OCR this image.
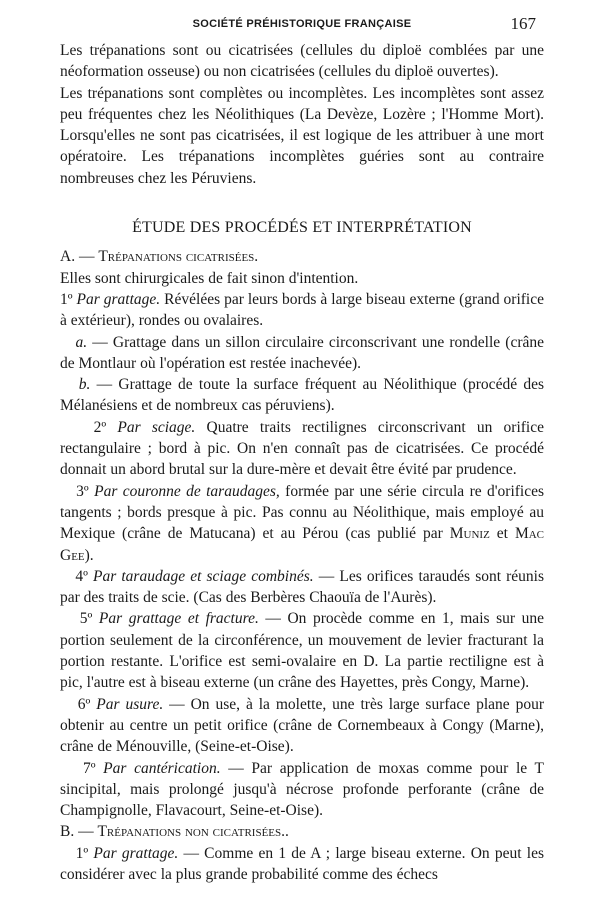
SOCIÉTÉ PRÉHISTORIQUE FRANÇAISE	167

Les trépanations sont ou cicatrisées (cellules du diploë comblées par une néoformation osseuse) ou non cicatrisées (cellules du diploë ouvertes).

Les trépanations sont complètes ou incomplètes. Les incomplètes sont assez peu fréquentes chez les Néolithiques (La Devèze, Lozère ; l'Homme Mort). Lorsqu'elles ne sont pas cicatrisées, il est logique de les attribuer à une mort opératoire. Les trépanations incomplètes guéries sont au contraire nombreuses chez les Péruviens.

ÉTUDE DES PROCÉDÉS ET INTERPRÉTATION

A. — Trépanations cicatrisées.

Elles sont chirurgicales de fait sinon d'intention.

1º Par grattage. Révélées par leurs bords à large biseau externe (grand orifice à extérieur), rondes ou ovalaires.

a. — Grattage dans un sillon circulaire circonscrivant une rondelle (crâne de Montlaur où l'opération est restée inachevée).

b. — Grattage de toute la surface fréquent au Néolithique (procédé des Mélanésiens et de nombreux cas péruviens).

2º Par sciage. Quatre traits rectilignes circonscrivant un orifice rectangulaire ; bord à pic. On n'en connaît pas de cicatrisées. Ce procédé donnait un abord brutal sur la dure-mère et devait être évité par prudence.

3º Par couronne de taraudages, formée par une série circula re d'orifices tangents ; bords presque à pic. Pas connu au Néolithique, mais employé au Mexique (crâne de Matucana) et au Pérou (cas publié par Muniz et Mac Gee).

4º Par taraudage et sciage combinés. — Les orifices taraudés sont réunis par des traits de scie. (Cas des Berbères Chaouïa de l'Aurès).

5º Par grattage et fracture. — On procède comme en 1, mais sur une portion seulement de la circonférence, un mouvement de levier fracturant la portion restante. L'orifice est semi-ovalaire en D. La partie rectiligne est à pic, l'autre est à biseau externe (un crâne des Hayettes, près Congy, Marne).

6º Par usure. — On use, à la molette, une très large surface plane pour obtenir au centre un petit orifice (crâne de Cornembeaux à Congy (Marne), crâne de Ménouville, (Seine-et-Oise).

7º Par cantérication. — Par application de moxas comme pour le T sincipital, mais prolongé jusqu'à nécrose profonde perforante (crâne de Champignolle, Flavacourt, Seine-et-Oise).

B. — Trépanations non cicatrisées..

1º Par grattage. — Comme en 1 de A ; large biseau externe. On peut les considérer avec la plus grande probabilité comme des échecs
